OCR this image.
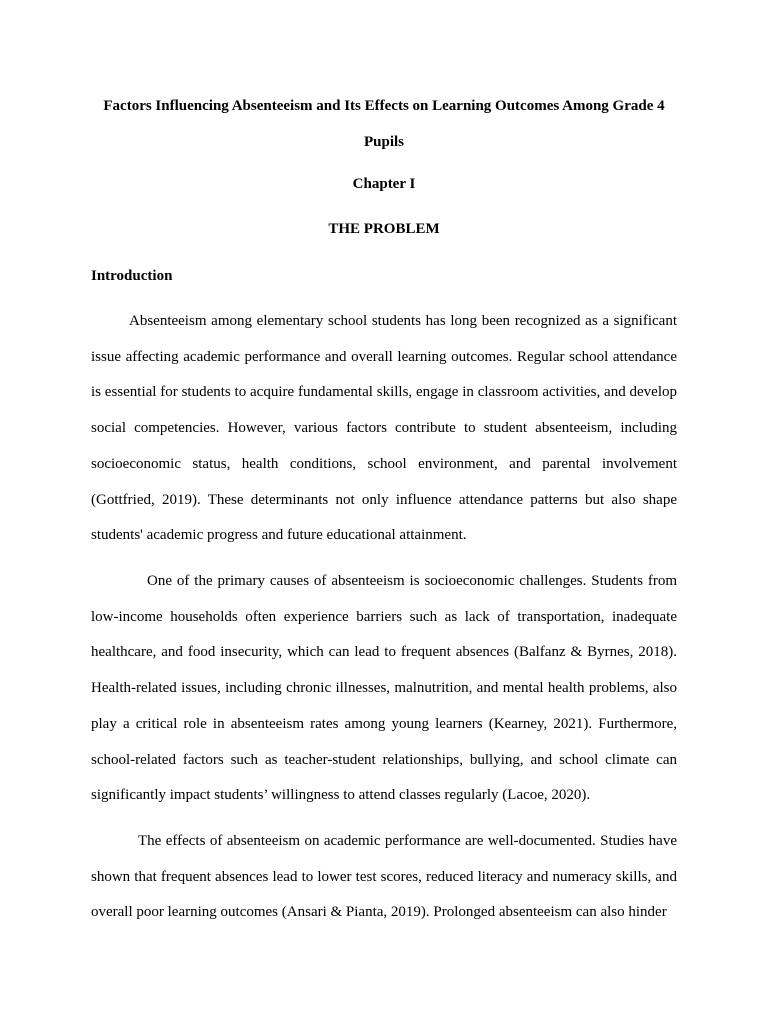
Factors Influencing Absenteeism and Its Effects on Learning Outcomes Among Grade 4 Pupils
Chapter I
THE PROBLEM
Introduction

Absenteeism among elementary school students has long been recognized as a significant issue affecting academic performance and overall learning outcomes. Regular school attendance is essential for students to acquire fundamental skills, engage in classroom activities, and develop social competencies. However, various factors contribute to student absenteeism, including socioeconomic status, health conditions, school environment, and parental involvement (Gottfried, 2019). These determinants not only influence attendance patterns but also shape students' academic progress and future educational attainment.

One of the primary causes of absenteeism is socioeconomic challenges. Students from low-income households often experience barriers such as lack of transportation, inadequate healthcare, and food insecurity, which can lead to frequent absences (Balfanz & Byrnes, 2018). Health-related issues, including chronic illnesses, malnutrition, and mental health problems, also play a critical role in absenteeism rates among young learners (Kearney, 2021). Furthermore, school-related factors such as teacher-student relationships, bullying, and school climate can significantly impact students’ willingness to attend classes regularly (Lacoe, 2020).

The effects of absenteeism on academic performance are well-documented. Studies have shown that frequent absences lead to lower test scores, reduced literacy and numeracy skills, and overall poor learning outcomes (Ansari & Pianta, 2019). Prolonged absenteeism can also hinder
